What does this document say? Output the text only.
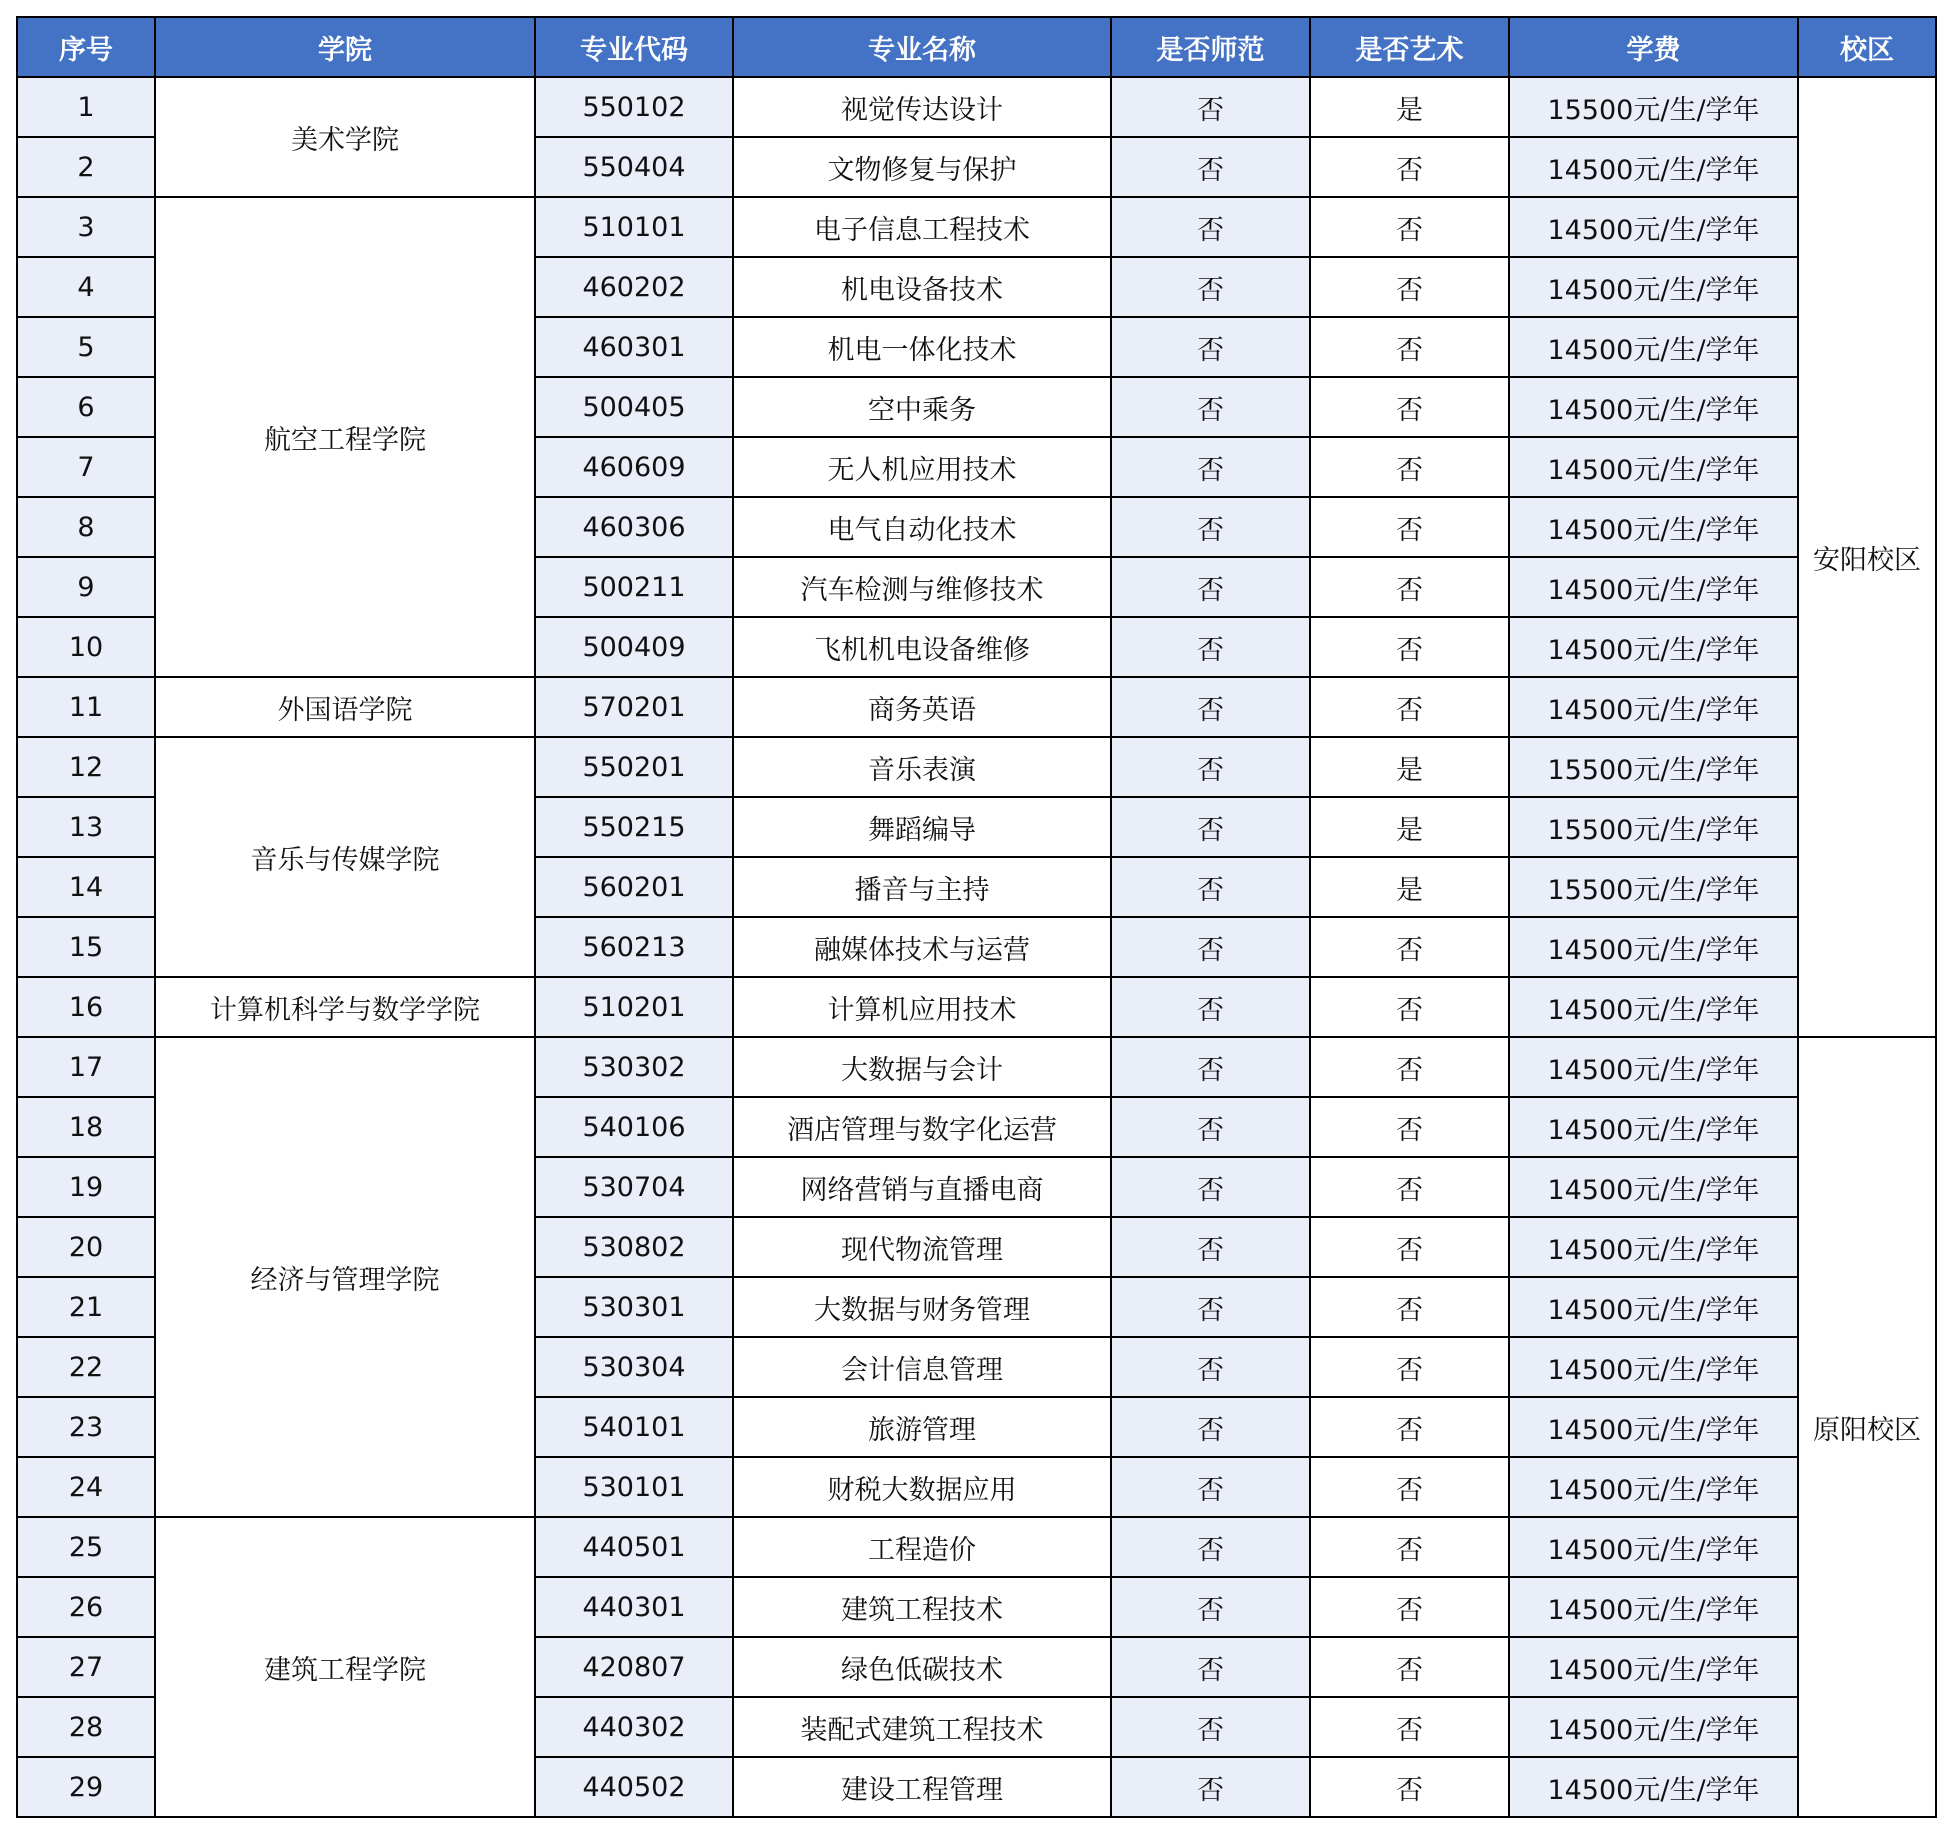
序号	学院	专业代码	专业名称	是否师范	是否艺术	学费	校区
1	美术学院	550102	视觉传达设计	否	是	15500元/生/学年	安阳校区
2		550404	文物修复与保护	否	否	14500元/生/学年	
3	航空工程学院	510101	电子信息工程技术	否	否	14500元/生/学年	
4		460202	机电设备技术	否	否	14500元/生/学年	
5		460301	机电一体化技术	否	否	14500元/生/学年	
6		500405	空中乘务	否	否	14500元/生/学年	
7		460609	无人机应用技术	否	否	14500元/生/学年	
8		460306	电气自动化技术	否	否	14500元/生/学年	
9		500211	汽车检测与维修技术	否	否	14500元/生/学年	
10		500409	飞机机电设备维修	否	否	14500元/生/学年	
11	外国语学院	570201	商务英语	否	否	14500元/生/学年	
12	音乐与传媒学院	550201	音乐表演	否	是	15500元/生/学年	
13		550215	舞蹈编导	否	是	15500元/生/学年	
14		560201	播音与主持	否	是	15500元/生/学年	
15		560213	融媒体技术与运营	否	否	14500元/生/学年	
16	计算机科学与数学学院	510201	计算机应用技术	否	否	14500元/生/学年	
17	经济与管理学院	530302	大数据与会计	否	否	14500元/生/学年	原阳校区
18		540106	酒店管理与数字化运营	否	否	14500元/生/学年	
19		530704	网络营销与直播电商	否	否	14500元/生/学年	
20		530802	现代物流管理	否	否	14500元/生/学年	
21		530301	大数据与财务管理	否	否	14500元/生/学年	
22		530304	会计信息管理	否	否	14500元/生/学年	
23		540101	旅游管理	否	否	14500元/生/学年	
24		530101	财税大数据应用	否	否	14500元/生/学年	
25	建筑工程学院	440501	工程造价	否	否	14500元/生/学年	
26		440301	建筑工程技术	否	否	14500元/生/学年	
27		420807	绿色低碳技术	否	否	14500元/生/学年	
28		440302	装配式建筑工程技术	否	否	14500元/生/学年	
29		440502	建设工程管理	否	否	14500元/生/学年	
